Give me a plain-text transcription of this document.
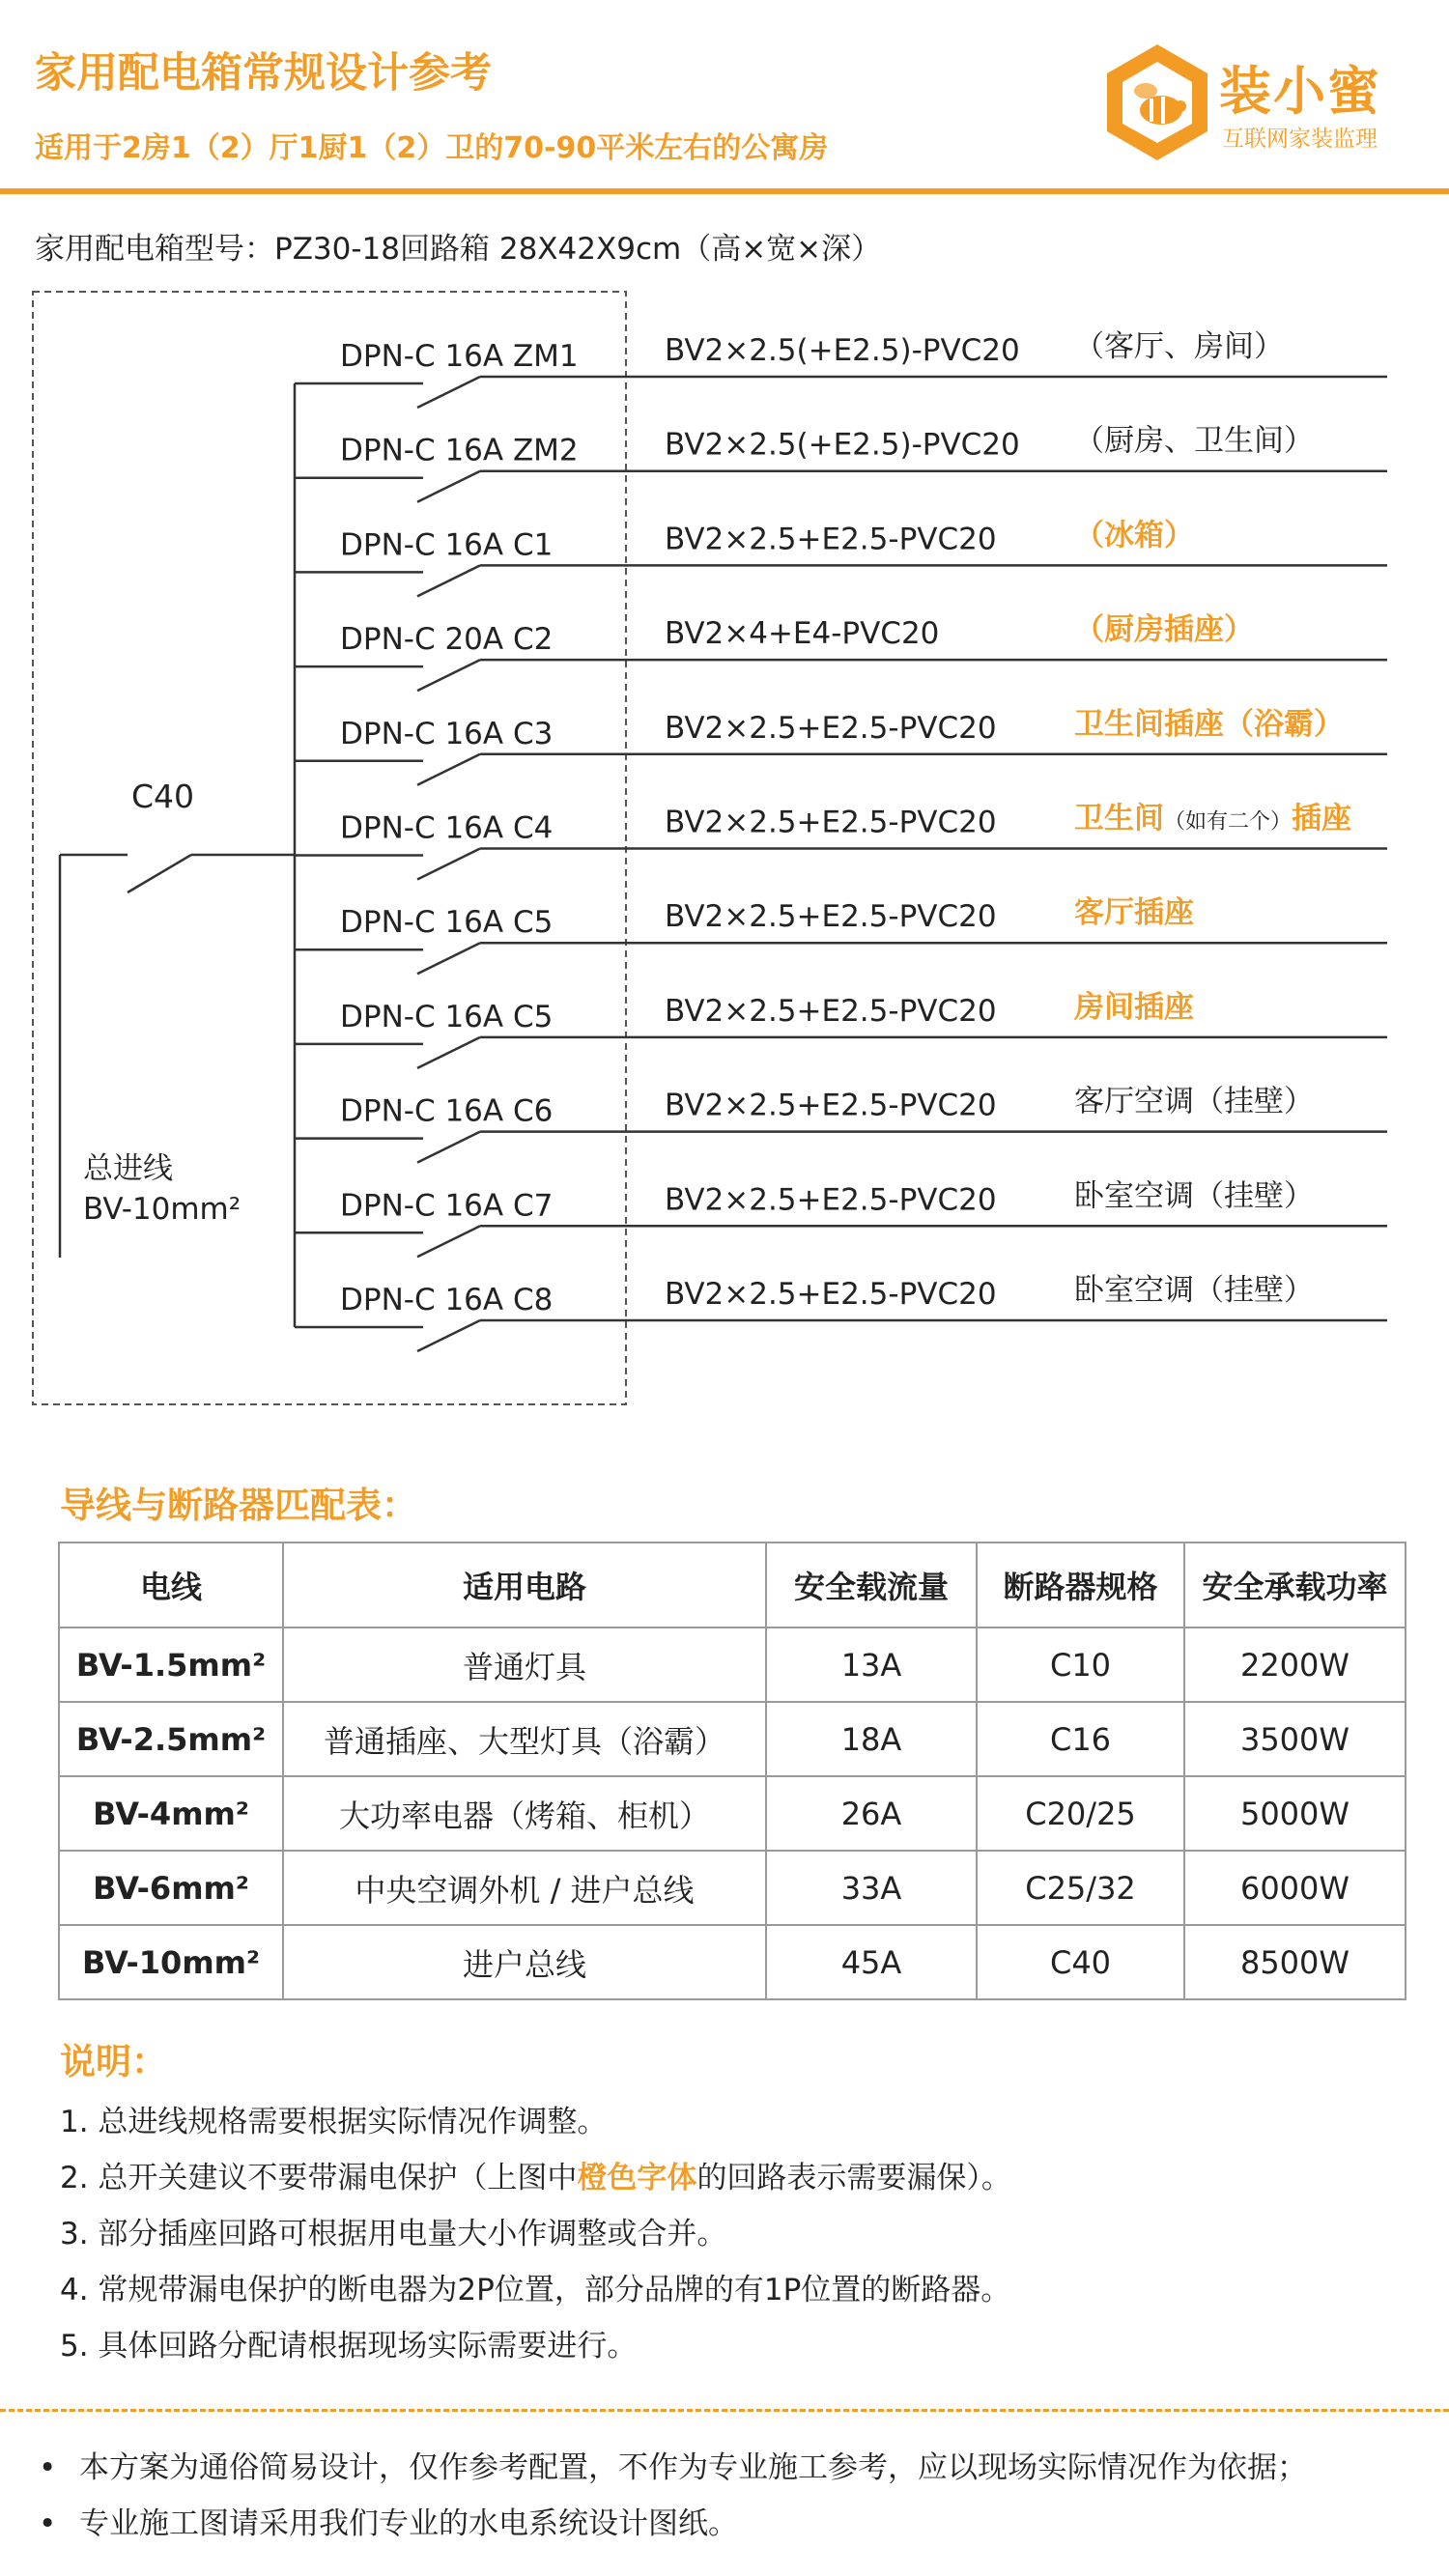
家用配电箱常规设计参考
适用于2房1（2）厅1厨1（2）卫的70-90平米左右的公寓房
装小蜜
互联网家装监理
家用配电箱型号：PZ30-18回路箱 28X42X9cm（高×宽×深）
C40
总进线
BV-10mm²
DPN-C 16A ZM1	BV2×2.5(+E2.5)-PVC20 （客厅、房间）
DPN-C 16A ZM2	BV2×2.5(+E2.5)-PVC20 （厨房、卫生间）
DPN-C 16A C1	BV2×2.5+E2.5-PVC20	（冰箱）
DPN-C 20A C2	BV2×4+E4-PVC20	（厨房插座）
DPN-C 16A C3	BV2×2.5+E2.5-PVC20	卫生间插座（浴霸）
DPN-C 16A C4	BV2×2.5+E2.5-PVC20	卫生间（如有二个）插座
DPN-C 16A C5	BV2×2.5+E2.5-PVC20	客厅插座
DPN-C 16A C5	BV2×2.5+E2.5-PVC20	房间插座
DPN-C 16A C6	BV2×2.5+E2.5-PVC20	客厅空调（挂壁）
DPN-C 16A C7	BV2×2.5+E2.5-PVC20	卧室空调（挂壁）
DPN-C 16A C8	BV2×2.5+E2.5-PVC20	卧室空调（挂壁）
导线与断路器匹配表：
电线	适用电路	安全载流量	断路器规格	安全承载功率
BV-1.5mm²	普通灯具	13A	C10	2200W
BV-2.5mm²	普通插座、大型灯具（浴霸）	18A	C16	3500W
BV-4mm²	大功率电器（烤箱、柜机）	26A	C20/25	5000W
BV-6mm²	中央空调外机 / 进户总线	33A	C25/32	6000W
BV-10mm²	进户总线	45A	C40	8500W
说明：
1. 总进线规格需要根据实际情况作调整。
2. 总开关建议不要带漏电保护（上图中橙色字体的回路表示需要漏保）。
3. 部分插座回路可根据用电量大小作调整或合并。
4. 常规带漏电保护的断电器为2P位置，部分品牌的有1P位置的断路器。
5. 具体回路分配请根据现场实际需要进行。
• 本方案为通俗简易设计，仅作参考配置，不作为专业施工参考，应以现场实际情况作为依据；
• 专业施工图请采用我们专业的水电系统设计图纸。
